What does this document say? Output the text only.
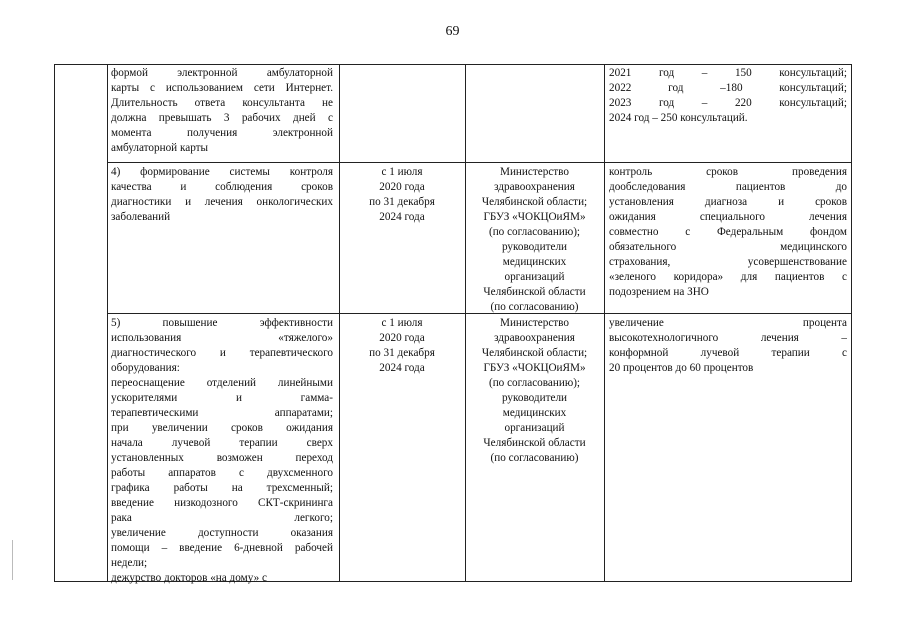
69
формой электронной амбулаторной
карты с использованием сети Интернет.
Длительность ответа консультанта не
должна превышать 3 рабочих дней с
момента получения электронной
амбулаторной карты
2021 год – 150 консультаций;
2022 год –180 консультаций;
2023 год – 220 консультаций;
2024 год – 250 консультаций.
4) формирование системы контроля
качества и соблюдения сроков
диагностики и лечения онкологических
заболеваний
с 1 июля
2020 года
по 31 декабря
2024 года
Министерство
здравоохранения
Челябинской области;
ГБУЗ «ЧОКЦОиЯМ»
(по согласованию);
руководители
медицинских
организаций
Челябинской области
(по согласованию)
контроль сроков проведения
дообследования пациентов до
установления диагноза и сроков
ожидания специального лечения
совместно с Федеральным фондом
обязательного медицинского
страхования, усовершенствование
«зеленого коридора» для пациентов с
подозрением на ЗНО
5) повышение эффективности
использования «тяжелого»
диагностического и терапевтического
оборудования:
переоснащение отделений линейными
ускорителями и гамма-
терапевтическими аппаратами;
при увеличении сроков ожидания
начала лучевой терапии сверх
установленных возможен переход
работы аппаратов с двухсменного
графика работы на трехсменный;
введение низкодозного СКТ-скрининга
рака легкого;
увеличение доступности оказания
помощи – введение 6-дневной рабочей
недели;
дежурство докторов «на дому» с
с 1 июля
2020 года
по 31 декабря
2024 года
Министерство
здравоохранения
Челябинской области;
ГБУЗ «ЧОКЦОиЯМ»
(по согласованию);
руководители
медицинских
организаций
Челябинской области
(по согласованию)
увеличение процента
высокотехнологичного лечения –
конформной лучевой терапии с
20 процентов до 60 процентов
